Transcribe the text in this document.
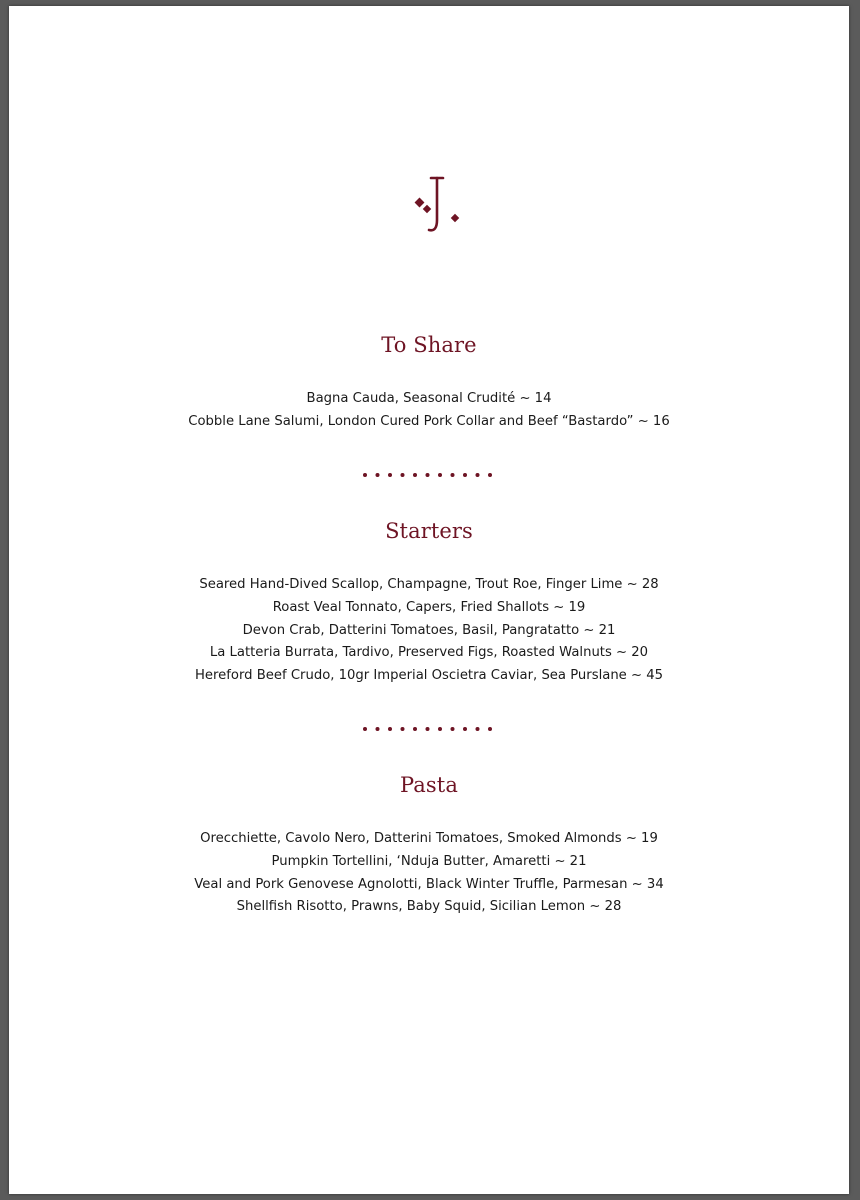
To Share
Bagna Cauda, Seasonal Crudité ~ 14
Cobble Lane Salumi, London Cured Pork Collar and Beef “Bastardo” ~ 16
Starters
Seared Hand-Dived Scallop, Champagne, Trout Roe, Finger Lime ~ 28
Roast Veal Tonnato, Capers, Fried Shallots ~ 19
Devon Crab, Datterini Tomatoes, Basil, Pangratatto ~ 21
La Latteria Burrata, Tardivo, Preserved Figs, Roasted Walnuts ~ 20
Hereford Beef Crudo, 10gr Imperial Oscietra Caviar, Sea Purslane ~ 45
Pasta
Orecchiette, Cavolo Nero, Datterini Tomatoes, Smoked Almonds ~ 19
Pumpkin Tortellini, ‘Nduja Butter, Amaretti ~ 21
Veal and Pork Genovese Agnolotti, Black Winter Truffle, Parmesan ~ 34
Shellfish Risotto, Prawns, Baby Squid, Sicilian Lemon ~ 28
